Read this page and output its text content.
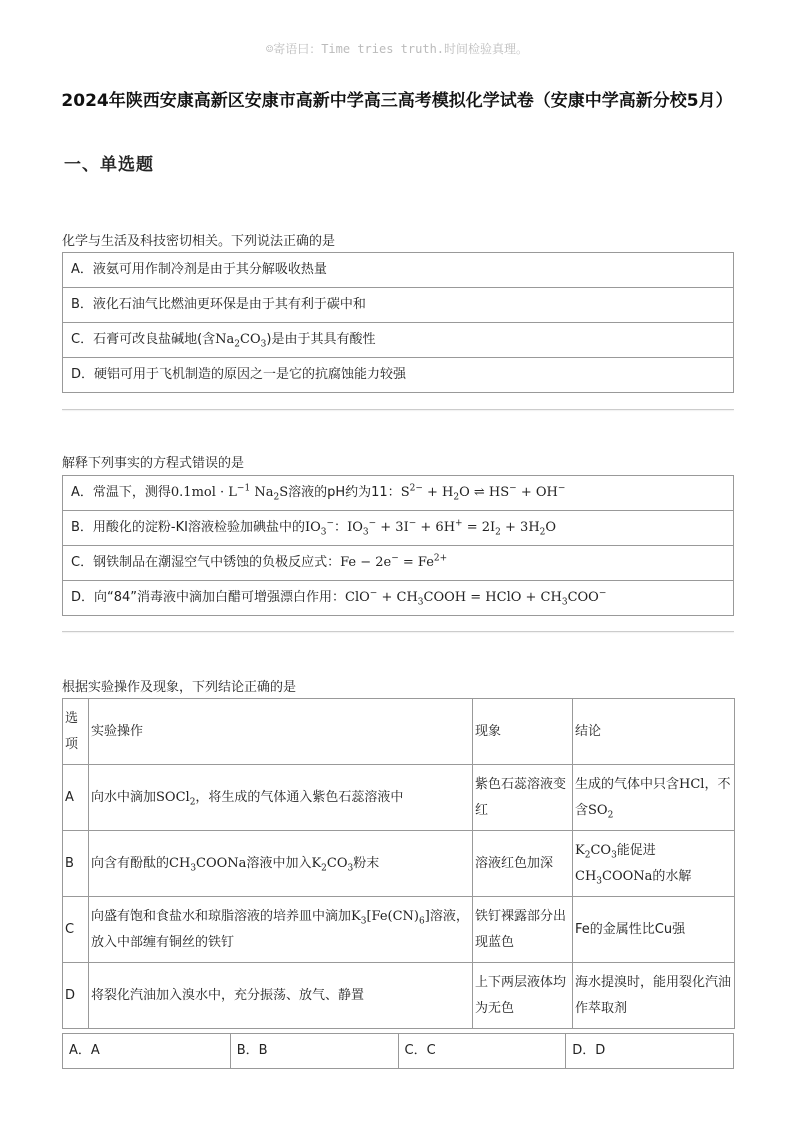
☺寄语曰：Time tries truth.时间检验真理。
2024年陕西安康高新区安康市高新中学高三高考模拟化学试卷（安康中学高新分校5月）
一、单选题
化学与生活及科技密切相关。下列说法正确的是
A．液氨可用作制冷剂是由于其分解吸收热量
B．液化石油气比燃油更环保是由于其有利于碳中和
C．石膏可改良盐碱地(含$Na_2CO_3$)是由于其具有酸性
D．硬铝可用于飞机制造的原因之一是它的抗腐蚀能力较强
解释下列事实的方程式错误的是
A．常温下，测得$0.1mol \cdot L^{-1}$ $Na_2S$溶液的pH约为11：$S^{2-} + H_2O$ ⇌ HS− + OH−
B．用酸化的淀粉-KI溶液检验加碘盐中的$IO_3^-$：$IO_3^- + 3I^- + 6H^+ = 2I_2 + 3H_2O$
C．钢铁制品在潮湿空气中锈蚀的负极反应式：$Fe - 2e^- = Fe^{2+}$
D．向“84”消毒液中滴加白醋可增强漂白作用：$ClO^- + CH_3COOH$ = HClO + $CH_3COO^-$
根据实验操作及现象，下列结论正确的是
选项	实验操作	现象	结论
A	向水中滴加SOCl$_2$，将生成的气体通入紫色石蕊溶液中	紫色石蕊溶液变红	生成的气体中只含HCl，不含$SO_2$
B	向含有酚酞的$CH_3COONa$溶液中加入$K_2CO_3$粉末	溶液红色加深	$K_2CO_3$能促进$CH_3COONa$的水解
C	向盛有饱和食盐水和琼脂溶液的培养皿中滴加$K_3[Fe(CN)_6]$溶液，放入中部缠有铜丝的铁钉	铁钉裸露部分出现蓝色	Fe的金属性比Cu强
D	将裂化汽油加入溴水中，充分振荡、放气、静置	上下两层液体均为无色	海水提溴时，能用裂化汽油作萃取剂
A．A	B．B	C．C	D．D
